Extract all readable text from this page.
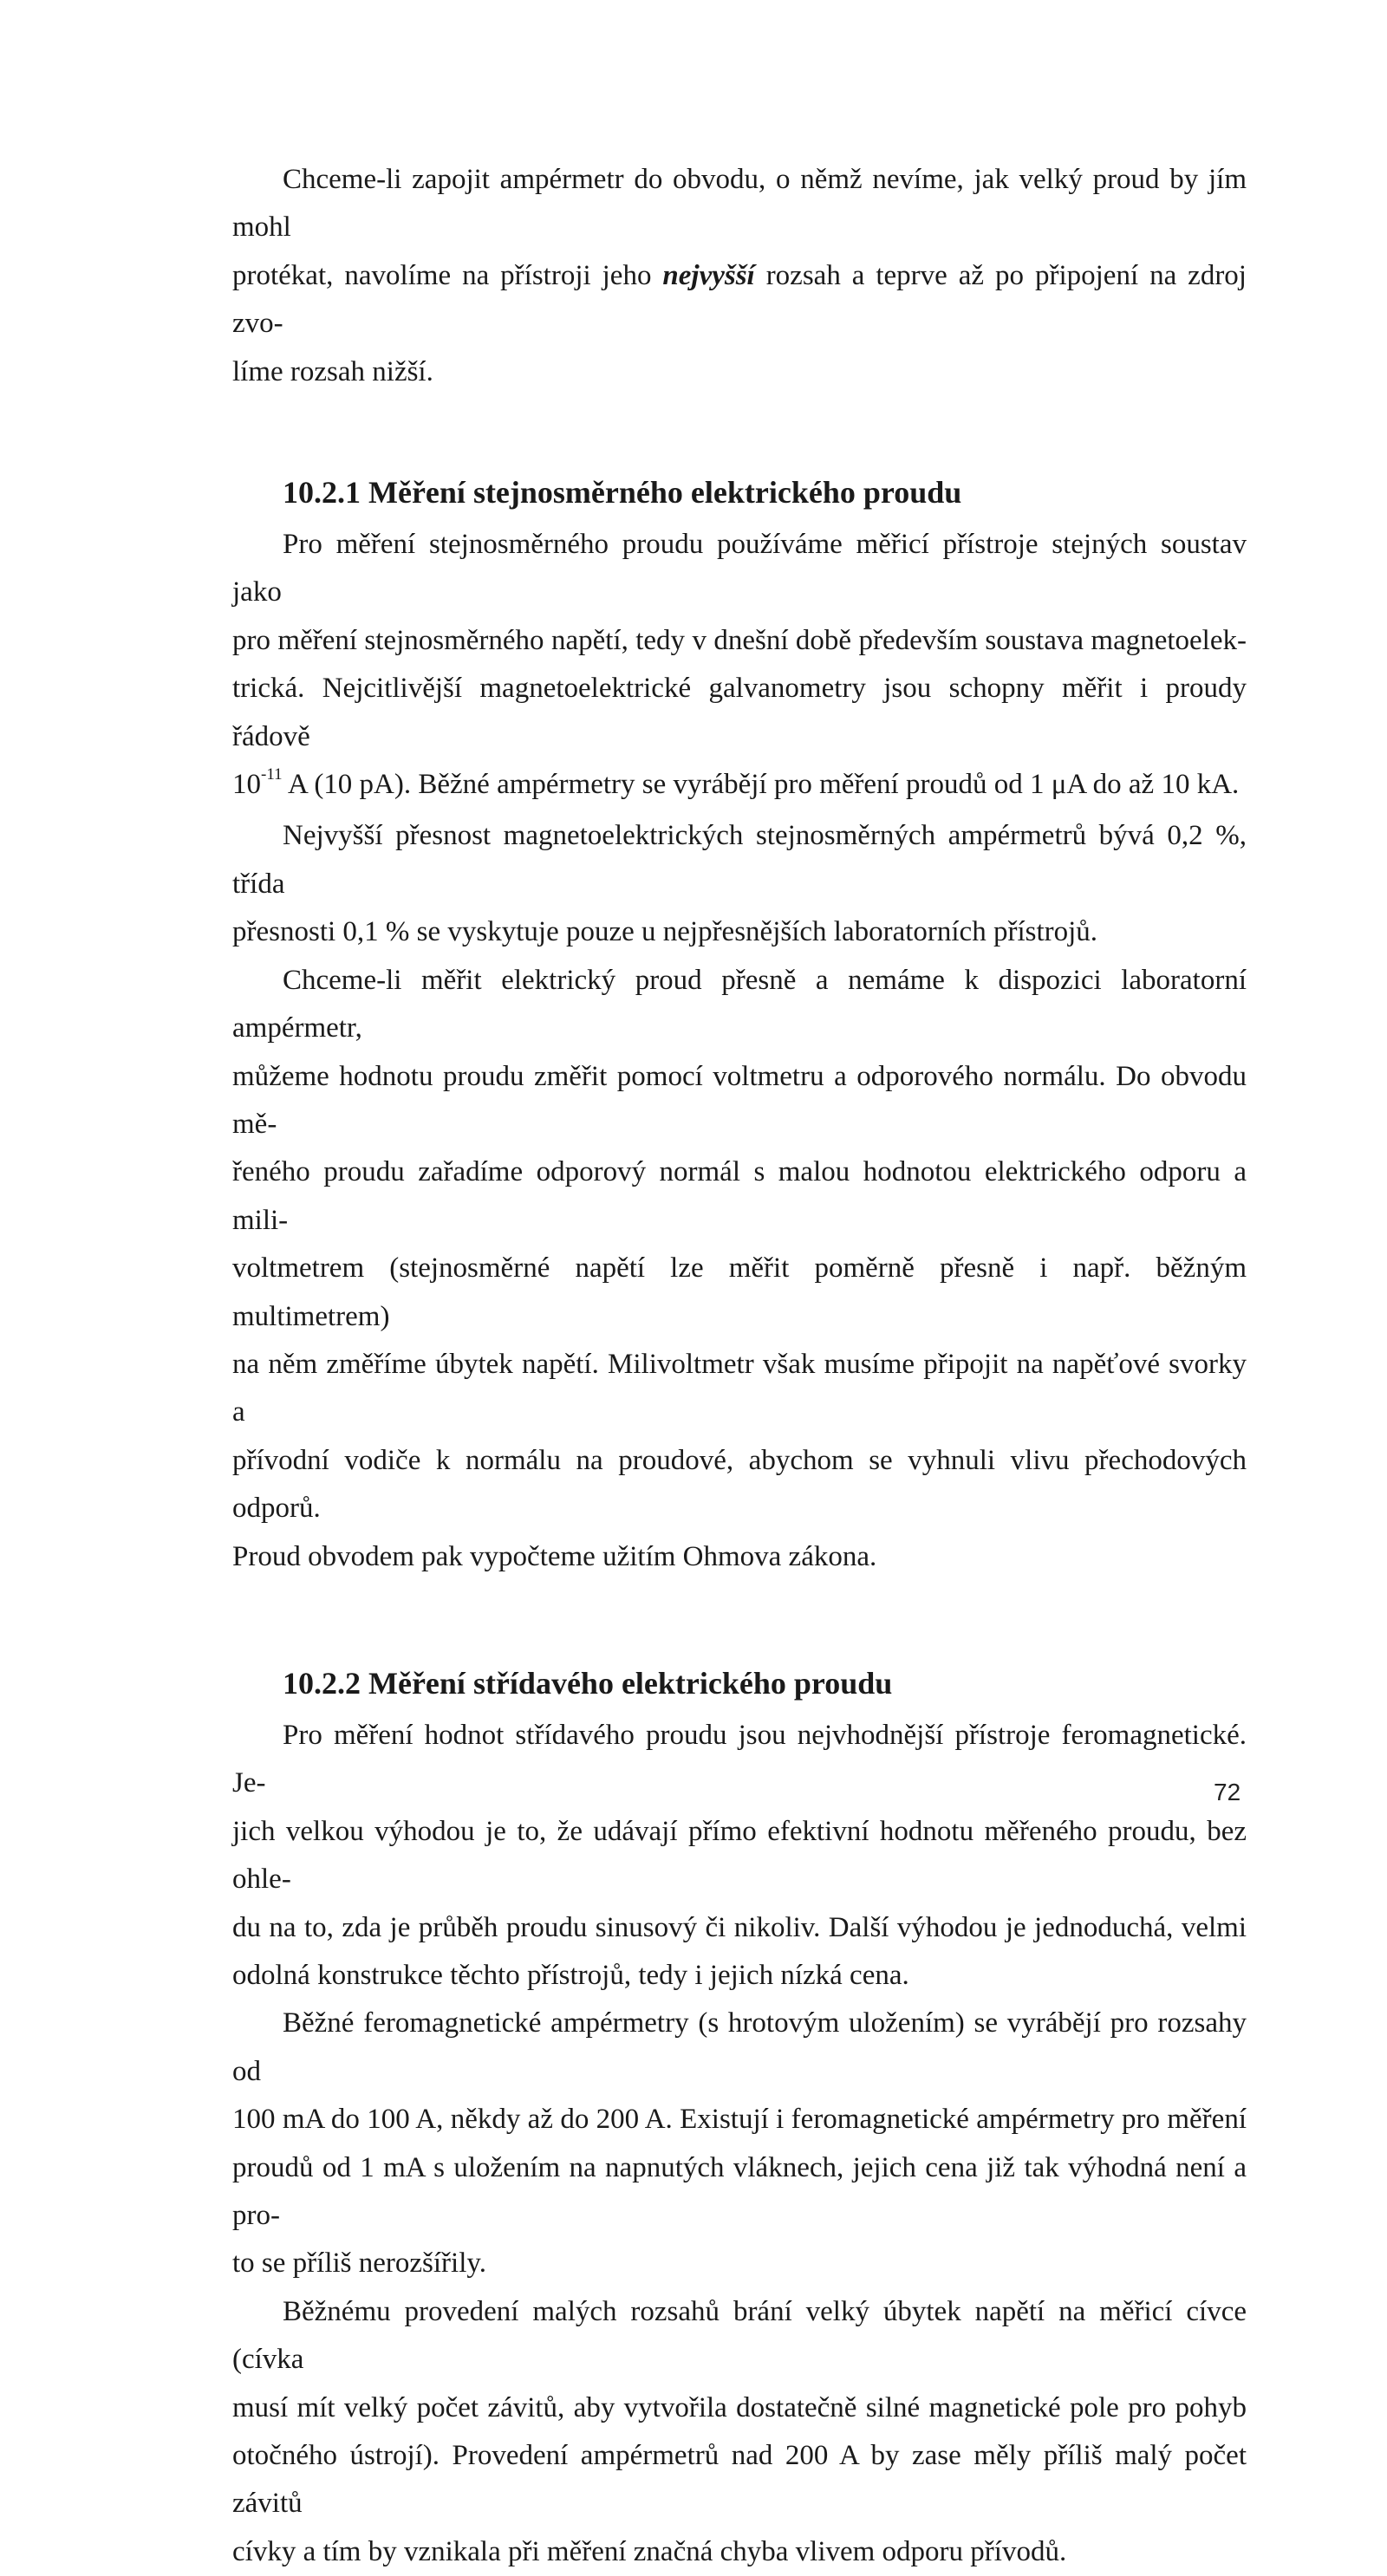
Chceme-li zapojit ampérmetr do obvodu, o němž nevíme, jak velký proud by jím mohl
protékat, navolíme na přístroji jeho nejvyšší rozsah a teprve až po připojení na zdroj zvo-
líme rozsah nižší.

10.2.1 Měření stejnosměrného elektrického proudu

Pro měření stejnosměrného proudu používáme měřicí přístroje stejných soustav jako
pro měření stejnosměrného napětí, tedy v dnešní době především soustava magnetoelek-
trická. Nejcitlivější magnetoelektrické galvanometry jsou schopny měřit i proudy řádově
$10^{-11}$ A (10 pA). Běžné ampérmetry se vyrábějí pro měření proudů od 1 μA do až 10 kA.

Nejvyšší přesnost magnetoelektrických stejnosměrných ampérmetrů bývá 0,2 %, třída
přesnosti 0,1 % se vyskytuje pouze u nejpřesnějších laboratorních přístrojů.

Chceme-li měřit elektrický proud přesně a nemáme k dispozici laboratorní ampérmetr,
můžeme hodnotu proudu změřit pomocí voltmetru a odporového normálu. Do obvodu mě-
řeného proudu zařadíme odporový normál s malou hodnotou elektrického odporu a mili-
voltmetrem (stejnosměrné napětí lze měřit poměrně přesně i např. běžným multimetrem)
na něm změříme úbytek napětí. Milivoltmetr však musíme připojit na napěťové svorky a
přívodní vodiče k normálu na proudové, abychom se vyhnuli vlivu přechodových odporů.
Proud obvodem pak vypočteme užitím Ohmova zákona.

10.2.2 Měření střídavého elektrického proudu

Pro měření hodnot střídavého proudu jsou nejvhodnější přístroje feromagnetické. Je-
jich velkou výhodou je to, že udávají přímo efektivní hodnotu měřeného proudu, bez ohle-
du na to, zda je průběh proudu sinusový či nikoliv. Další výhodou je jednoduchá, velmi
odolná konstrukce těchto přístrojů, tedy i jejich nízká cena.

Běžné feromagnetické ampérmetry (s hrotovým uložením) se vyrábějí pro rozsahy od
100 mA do 100 A, někdy až do 200 A. Existují i feromagnetické ampérmetry pro měření
proudů od 1 mA s uložením na napnutých vláknech, jejich cena již tak výhodná není a pro-
to se příliš nerozšířily.

Běžnému provedení malých rozsahů brání velký úbytek napětí na měřicí cívce (cívka
musí mít velký počet závitů, aby vytvořila dostatečně silné magnetické pole pro pohyb
otočného ústrojí). Provedení ampérmetrů nad 200 A by zase měly příliš malý počet závitů
cívky a tím by vznikala při měření značná chyba vlivem odporu přívodů.

72
